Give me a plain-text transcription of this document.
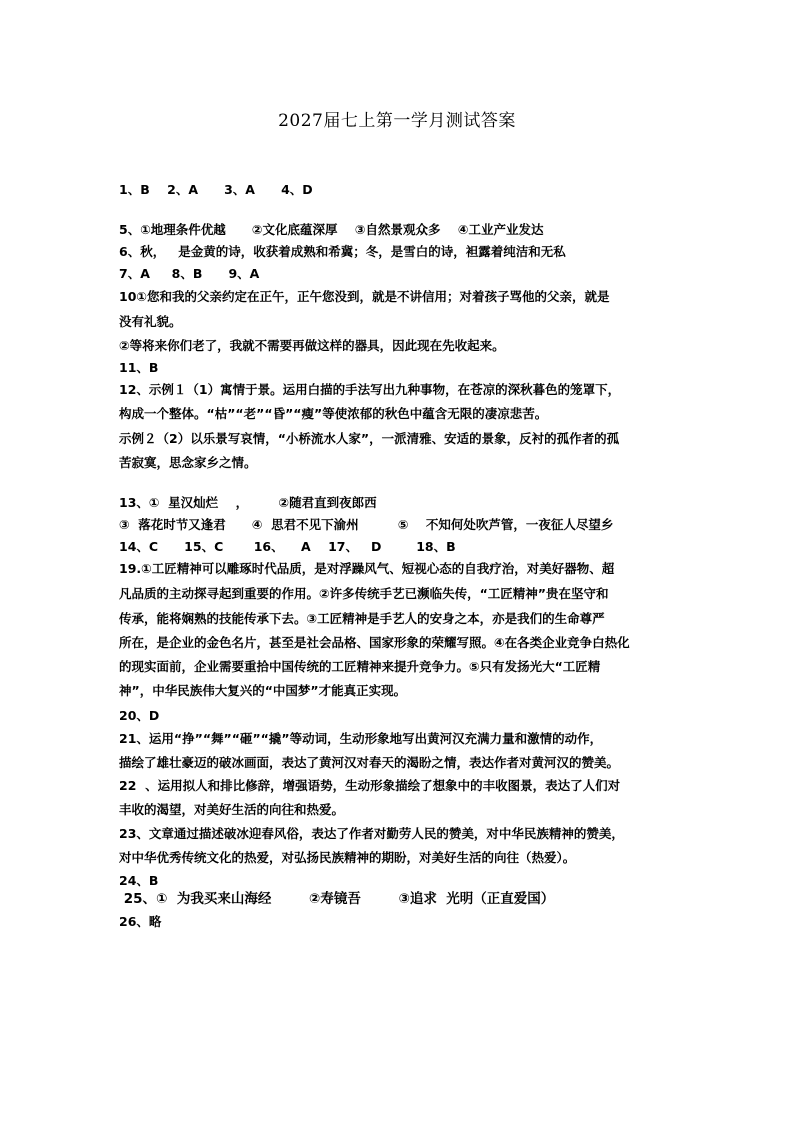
2027届七上第一学月测试答案
1、B    2、A      3、A      4、D
5、①地理条件优越      ②文化底蕴深厚    ③自然景观众多    ④工业产业发达
6、秋，   是金黄的诗，收获着成熟和希冀；冬，是雪白的诗，袒露着纯洁和无私
7、A     8、B      9、A
10①您和我的父亲约定在正午，正午您没到，就是不讲信用；对着孩子骂他的父亲，就是
没有礼貌。
②等将来你们老了，我就不需要再做这样的器具，因此现在先收起来。
11、B
12、示例１（1）寓情于景。运用白描的手法写出九种事物，在苍凉的深秋暮色的笼罩下，
构成一个整体。“枯”“老”“昏”“瘦”等使浓郁的秋色中蕴含无限的凄凉悲苦。
示例２（2）以乐景写哀情，“小桥流水人家”，一派清雅、安适的景象，反衬的孤作者的孤
苦寂寞，思念家乡之情。
13、①  星汉灿烂    ，       ②随君直到夜郎西
③  落花时节又逢君      ④  思君不见下渝州         ⑤    不知何处吹芦管，一夜征人尽望乡
14、C      15、C       16、    A    17、   D        18、B
19.①工匠精神可以雕琢时代品质，是对浮躁风气、短视心态的自我疗治，对美好器物、超
凡品质的主动探寻起到重要的作用。②许多传统手艺已濒临失传，“工匠精神”贵在坚守和
传承，能将娴熟的技能传承下去。③工匠精神是手艺人的安身之本，亦是我们的生命尊严
所在，是企业的金色名片，甚至是社会品格、国家形象的荣耀写照。④在各类企业竞争白热化
的现实面前，企业需要重拾中国传统的工匠精神来提升竞争力。⑤只有发扬光大“工匠精
神”，中华民族伟大复兴的“中国梦”才能真正实现。
20、D
21、运用“挣”“舞”“砸”“撬”等动词，生动形象地写出黄河汉充满力量和激情的动作，
描绘了雄壮豪迈的破冰画面，表达了黄河汉对春天的渴盼之情，表达作者对黄河汉的赞美。
22  、运用拟人和排比修辞，增强语势，生动形象描绘了想象中的丰收图景，表达了人们对
丰收的渴望，对美好生活的向往和热爱。
23、文章通过描述破冰迎春风俗，表达了作者对勤劳人民的赞美，对中华民族精神的赞美，
对中华优秀传统文化的热爱，对弘扬民族精神的期盼，对美好生活的向往（热爱）。
24、B
25、①  为我买来山海经        ②寿镜吾        ③追求  光明（正直爱国）
26、略
